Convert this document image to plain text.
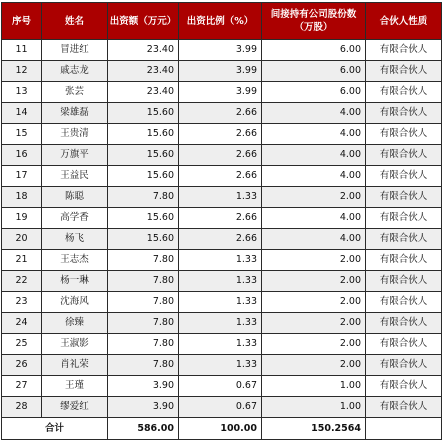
序号	姓名	出资额（万元）	出资比例（%）	间接持有公司股份数（万股）	合伙人性质
11	冒进红	23.40	3.99	6.00	有限合伙人
12	戚志龙	23.40	3.99	6.00	有限合伙人
13	张芸	23.40	3.99	6.00	有限合伙人
14	梁雄磊	15.60	2.66	4.00	有限合伙人
15	王贵清	15.60	2.66	4.00	有限合伙人
16	万旗平	15.60	2.66	4.00	有限合伙人
17	王益民	15.60	2.66	4.00	有限合伙人
18	陈聪	7.80	1.33	2.00	有限合伙人
19	高学香	15.60	2.66	4.00	有限合伙人
20	杨飞	15.60	2.66	4.00	有限合伙人
21	王志杰	7.80	1.33	2.00	有限合伙人
22	杨一琳	7.80	1.33	2.00	有限合伙人
23	沈海风	7.80	1.33	2.00	有限合伙人
24	徐臻	7.80	1.33	2.00	有限合伙人
25	王淑影	7.80	1.33	2.00	有限合伙人
26	肖礼荣	7.80	1.33	2.00	有限合伙人
27	王瑾	3.90	0.67	1.00	有限合伙人
28	缪爱红	3.90	0.67	1.00	有限合伙人
合计		586.00	100.00	150.2564	
